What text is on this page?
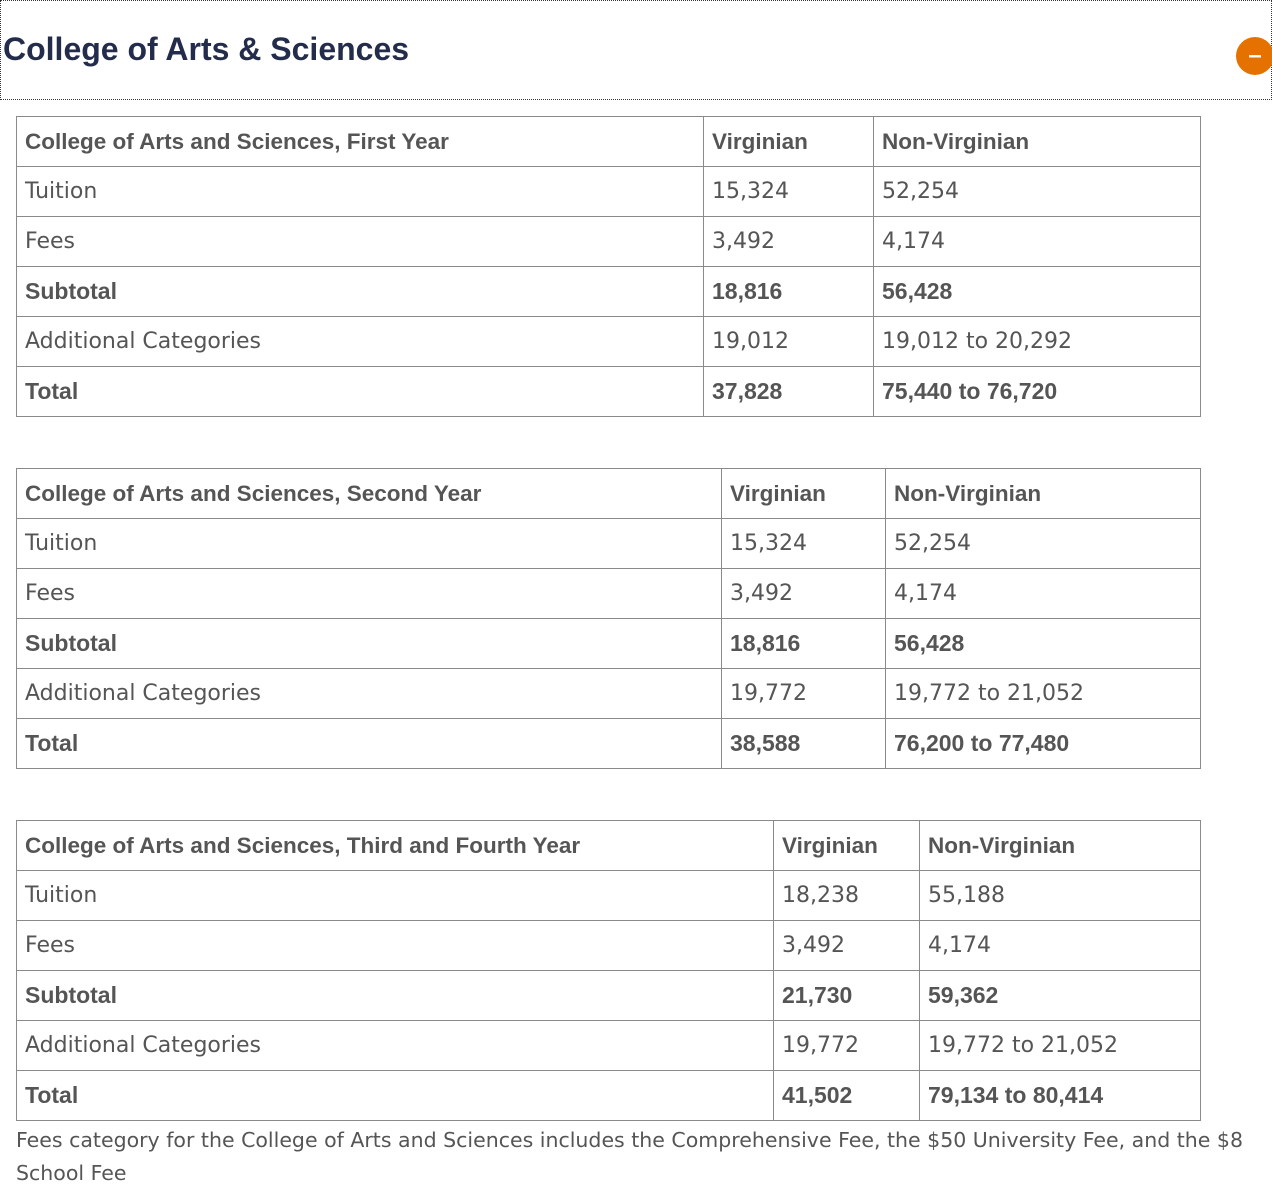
College of Arts & Sciences	–
College of Arts and Sciences, First Year	Virginian	Non-Virginian
Tuition	15,324	52,254
Fees	3,492	4,174
Subtotal	18,816	56,428
Additional Categories	19,012	19,012 to 20,292
Total	37,828	75,440 to 76,720
College of Arts and Sciences, Second Year	Virginian	Non-Virginian
Tuition	15,324	52,254
Fees	3,492	4,174
Subtotal	18,816	56,428
Additional Categories	19,772	19,772 to 21,052
Total	38,588	76,200 to 77,480
College of Arts and Sciences, Third and Fourth Year	Virginian	Non-Virginian
Tuition	18,238	55,188
Fees	3,492	4,174
Subtotal	21,730	59,362
Additional Categories	19,772	19,772 to 21,052
Total	41,502	79,134 to 80,414

Fees category for the College of Arts and Sciences includes the Comprehensive Fee, the $50 University Fee, and the $8 School Fee
